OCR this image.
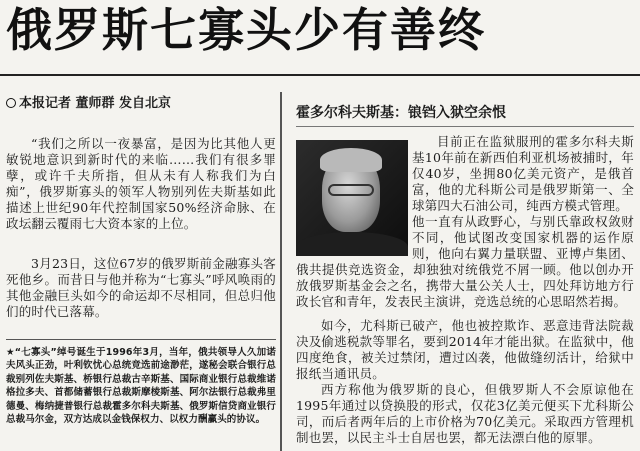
俄罗斯七寡头少有善终
本报记者 董师群 发自北京
“我们之所以一夜暴富，是因为比其他人更敏锐地意识到新时代的来临……我们有很多罪孽，或许千夫所指，但从未有人称我们为白痴”，俄罗斯寡头的领军人物别列佐夫斯基如此描述上世纪90年代控制国家50%经济命脉、在政坛翻云覆雨七大资本家的上位。
3月23日，这位67岁的俄罗斯前金融寡头客死他乡。而昔日与他并称为“七寡头”呼风唤雨的其他金融巨头如今的命运却不尽相同，但总归他们的时代已落幕。
★“七寡头”绰号诞生于1996年3月，当年，俄共领导人久加诺夫风头正劲，叶利钦忧心总统竞选前途渺茫，遂秘会联合银行总裁别列佐夫斯基、桥银行总裁古辛斯基、国际商业银行总裁维诺格拉多夫、首都储蓄银行总裁斯摩棱斯基、阿尔法银行总裁弗里德曼、梅纳捷普银行总裁霍多尔科夫斯基、俄罗斯信贷商业银行总裁马尔金，双方达成以金钱保权力、以权力酬赢头的协议。
霍多尔科夫斯基：锒铛入狱空余恨

目前正在监狱服刑的霍多尔科夫斯基10年前在新西伯利亚机场被捕时，年仅40岁，坐拥80亿美元资产，是俄首富，他的尤科斯公司是俄罗斯第一、全球第四大石油公司，纯西方模式管理。

他一直有从政野心，与别氏靠政权敛财不同，他试图改变国家机器的运作原则，他向右翼力量联盟、亚博卢集团、俄共提供竞选资金，却独独对统俄党不屑一顾。他以创办开放俄罗斯基金会之名，携带大量公关人士，四处拜访地方行政长官和青年，发表民主演讲，竞选总统的心思昭然若揭。
如今，尤科斯已破产，他也被控欺诈、恶意违背法院裁决及偷逃税款等罪名，要到2014年才能出狱。在监狱中，他四度绝食，被关过禁闭，遭过凶袭，他做缝纫活计，给狱中报纸当通讯员。
西方称他为俄罗斯的良心，但俄罗斯人不会原谅他在1995年通过以贷换股的形式，仅花3亿美元便买下尤科斯公司，而后者两年后的上市价格为70亿美元。采取西方管理机制也罢，以民主斗士自居也罢，都无法漂白他的原罪。
